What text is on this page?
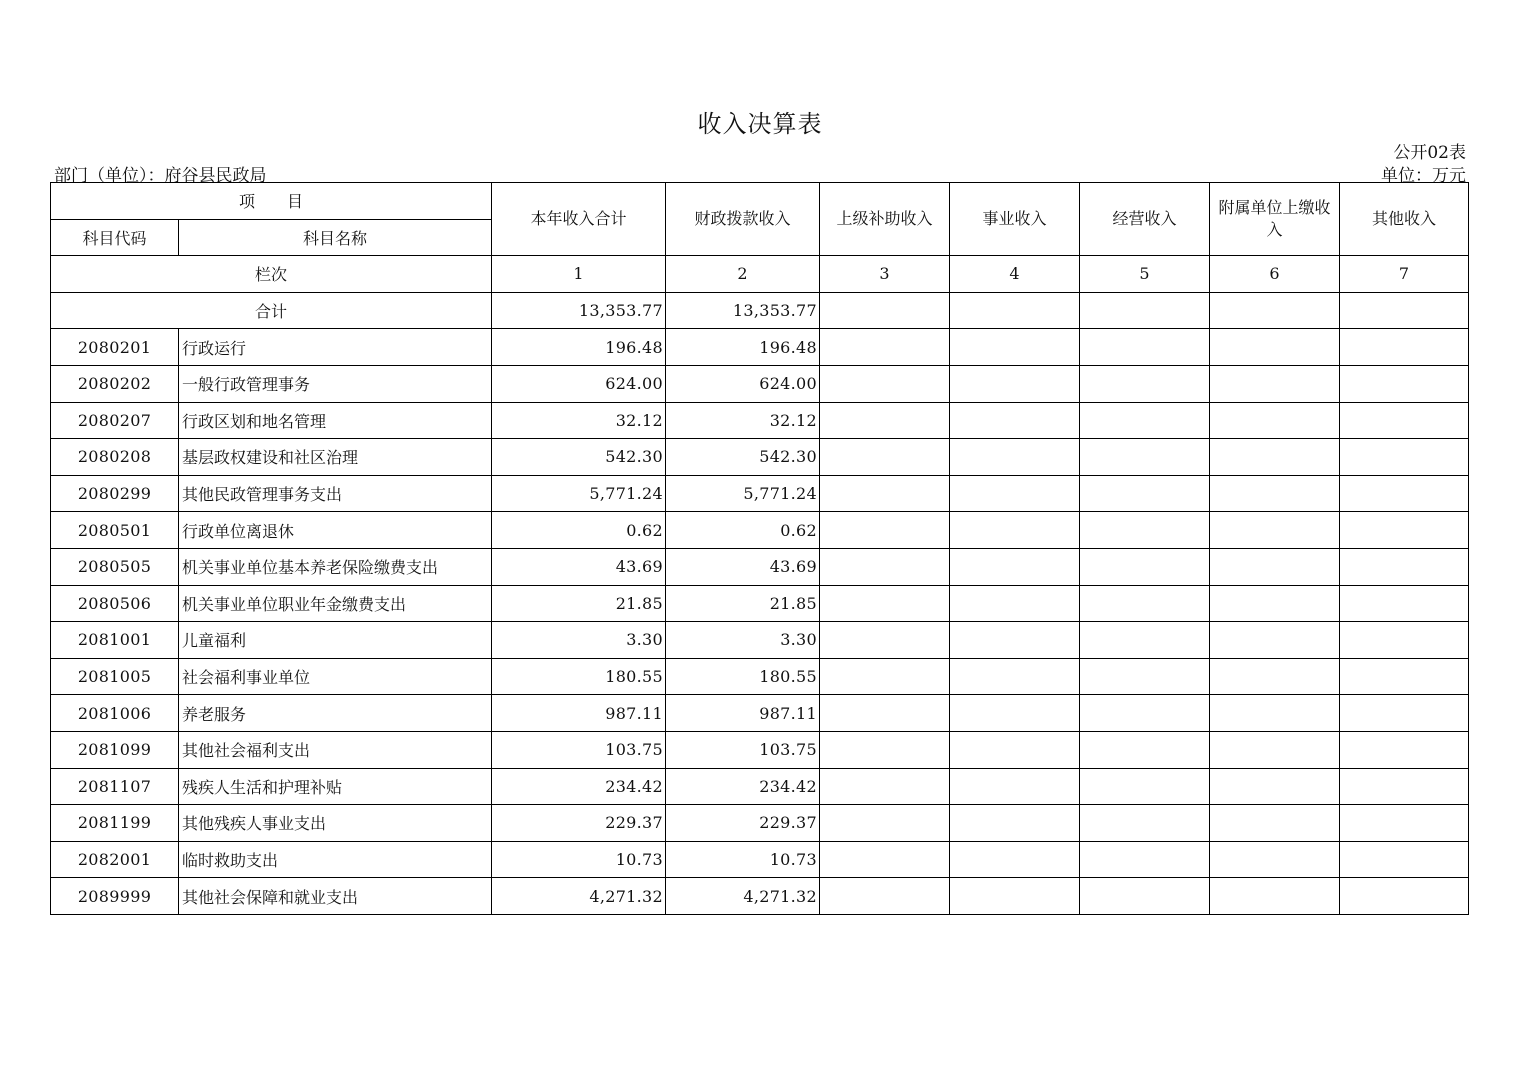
收入决算表
公开02表
部门（单位）：府谷县民政局	单位：万元
项　　目		本年收入合计	财政拨款收入	上级补助收入	事业收入	经营收入	附属单位上缴收入	其他收入
科目代码	科目名称							
栏次		1	2	3	4	5	6	7
合计		13,353.77	13,353.77					
2080201	行政运行	196.48	196.48					
2080202	一般行政管理事务	624.00	624.00					
2080207	行政区划和地名管理	32.12	32.12					
2080208	基层政权建设和社区治理	542.30	542.30					
2080299	其他民政管理事务支出	5,771.24	5,771.24					
2080501	行政单位离退休	0.62	0.62					
2080505	机关事业单位基本养老保险缴费支出	43.69	43.69					
2080506	机关事业单位职业年金缴费支出	21.85	21.85					
2081001	儿童福利	3.30	3.30					
2081005	社会福利事业单位	180.55	180.55					
2081006	养老服务	987.11	987.11					
2081099	其他社会福利支出	103.75	103.75					
2081107	残疾人生活和护理补贴	234.42	234.42					
2081199	其他残疾人事业支出	229.37	229.37					
2082001	临时救助支出	10.73	10.73					
2089999	其他社会保障和就业支出	4,271.32	4,271.32					
